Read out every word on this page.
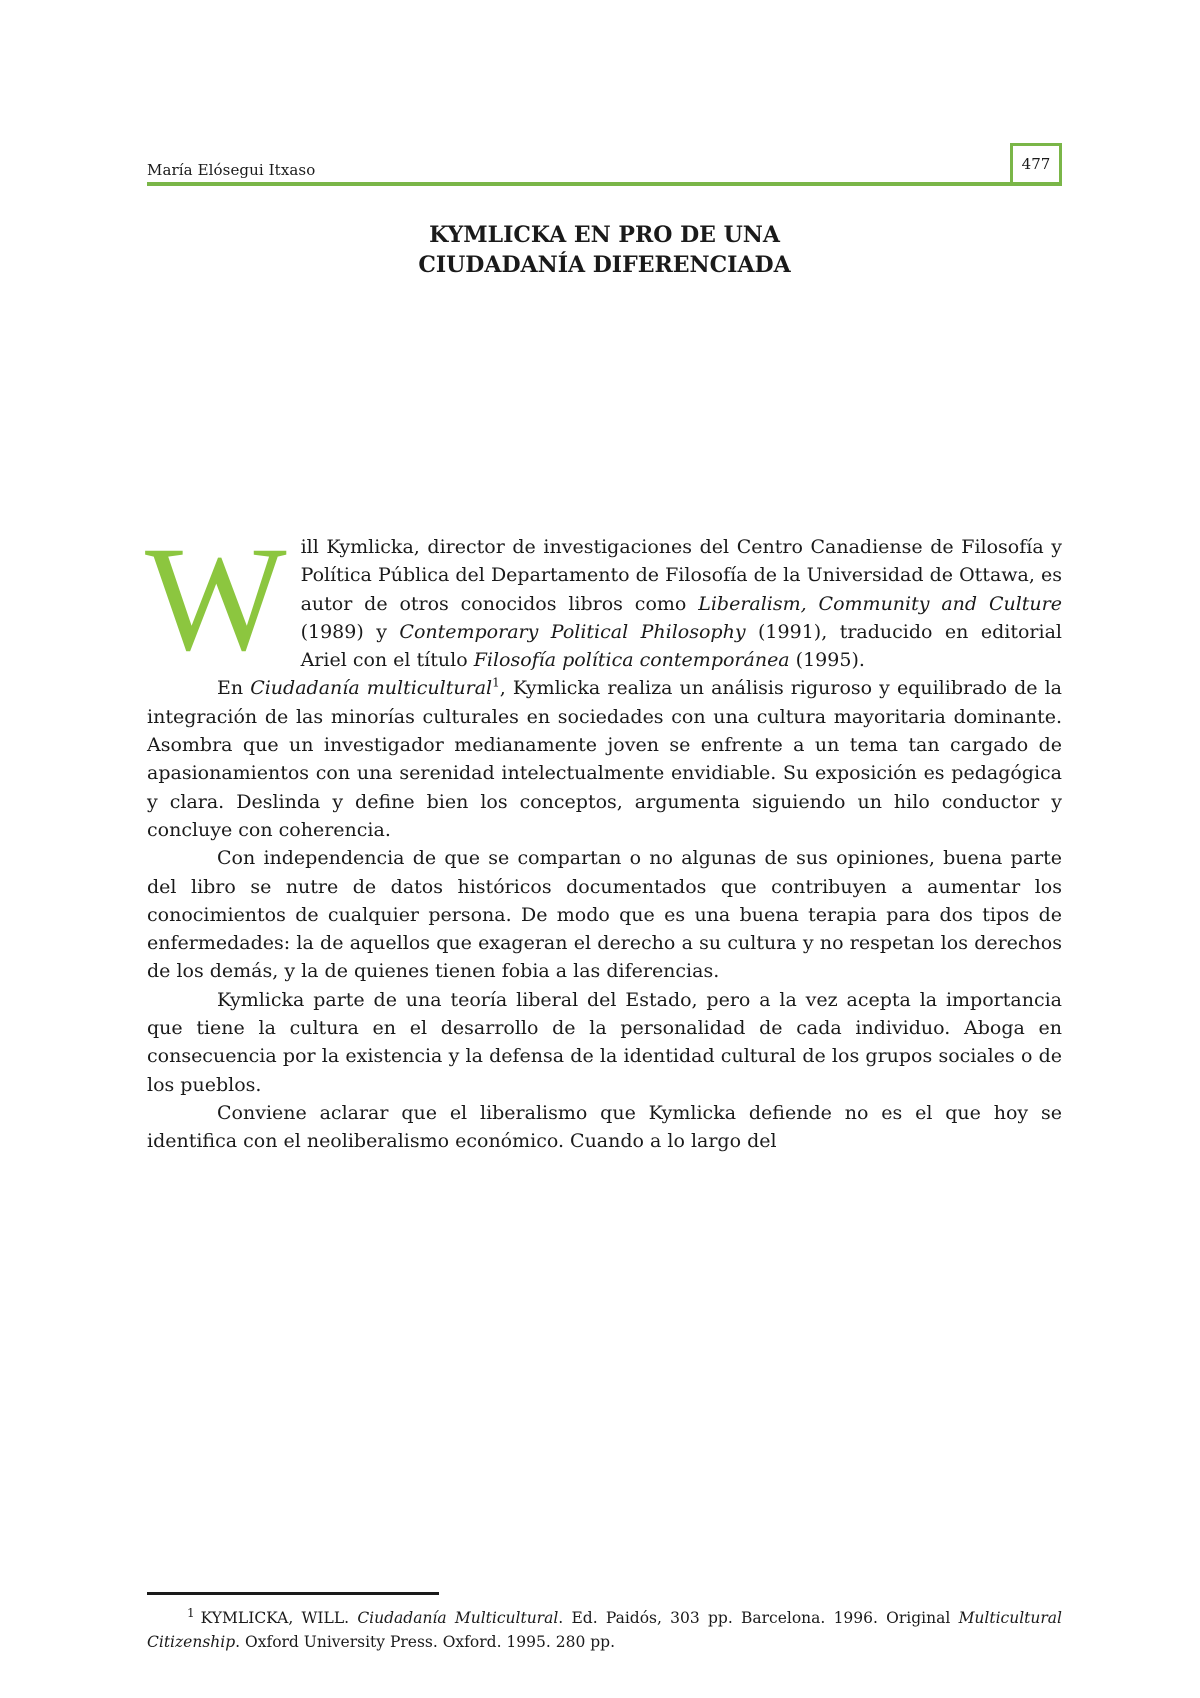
María Elósegui Itxaso	477
KYMLICKA EN PRO DE UNA
CIUDADANÍA DIFERENCIADA

Will Kymlicka, director de investigaciones del Centro Canadiense de Filosofía y Política Pública del Departamento de Filosofía de la Universidad de Ottawa, es autor de otros conocidos libros como Liberalism, Community and Culture (1989) y Contemporary Political Philosophy (1991), traducido en editorial Ariel con el título Filosofía política contemporánea (1995).

En Ciudadanía multicultural$^1$, Kymlicka realiza un análisis riguroso y equilibrado de la integración de las minorías culturales en sociedades con una cultura mayoritaria dominante. Asombra que un investigador medianamente joven se enfrente a un tema tan cargado de apasionamientos con una serenidad intelectualmente envidiable. Su exposición es pedagógica y clara. Deslinda y define bien los conceptos, argumenta siguiendo un hilo conductor y concluye con coherencia.

Con independencia de que se compartan o no algunas de sus opiniones, buena parte del libro se nutre de datos históricos documentados que contribuyen a aumentar los conocimientos de cualquier persona. De modo que es una buena terapia para dos tipos de enfermedades: la de aquellos que exageran el derecho a su cultura y no respetan los derechos de los demás, y la de quienes tienen fobia a las diferencias.

Kymlicka parte de una teoría liberal del Estado, pero a la vez acepta la importancia que tiene la cultura en el desarrollo de la personalidad de cada individuo. Aboga en consecuencia por la existencia y la defensa de la identidad cultural de los grupos sociales o de los pueblos.

Conviene aclarar que el liberalismo que Kymlicka defiende no es el que hoy se identifica con el neoliberalismo económico. Cuando a lo largo del

$^1$ KYMLICKA, WILL. Ciudadanía Multicultural. Ed. Paidós, 303 pp. Barcelona. 1996. Original Multicultural Citizenship. Oxford University Press. Oxford. 1995. 280 pp.
